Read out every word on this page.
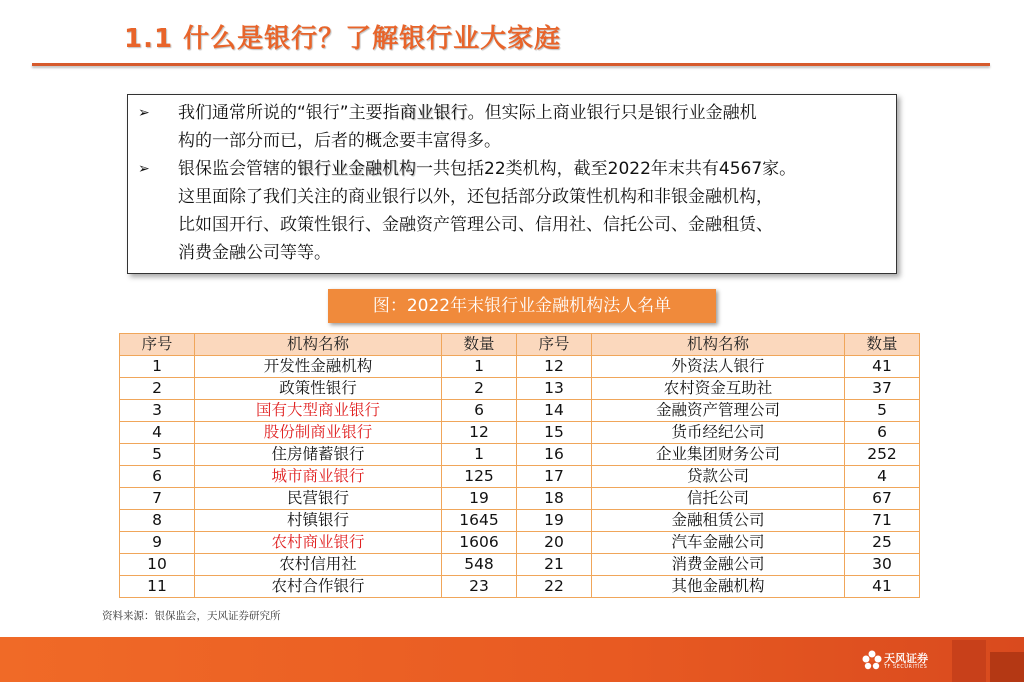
1.1 什么是银行？了解银行业大家庭
➢	我们通常所说的“银行”主要指商业银行。但实际上商业银行只是银行业金融机
构的一部分而已，后者的概念要丰富得多。
➢	银保监会管辖的银行业金融机构一共包括22类机构，截至2022年末共有4567家。
这里面除了我们关注的商业银行以外，还包括部分政策性机构和非银金融机构，
比如国开行、政策性银行、金融资产管理公司、信用社、信托公司、金融租赁、
消费金融公司等等。
图：2022年末银行业金融机构法人名单
序号	机构名称	数量	序号	机构名称	数量
1	开发性金融机构	1	12	外资法人银行	41
2	政策性银行	2	13	农村资金互助社	37
3	国有大型商业银行	6	14	金融资产管理公司	5
4	股份制商业银行	12	15	货币经纪公司	6
5	住房储蓄银行	1	16	企业集团财务公司	252
6	城市商业银行	125	17	贷款公司	4
7	民营银行	19	18	信托公司	67
8	村镇银行	1645	19	金融租赁公司	71
9	农村商业银行	1606	20	汽车金融公司	25
10	农村信用社	548	21	消费金融公司	30
11	农村合作银行	23	22	其他金融机构	41
资料来源：银保监会，天风证券研究所
天风证券
TF SECURITIES
